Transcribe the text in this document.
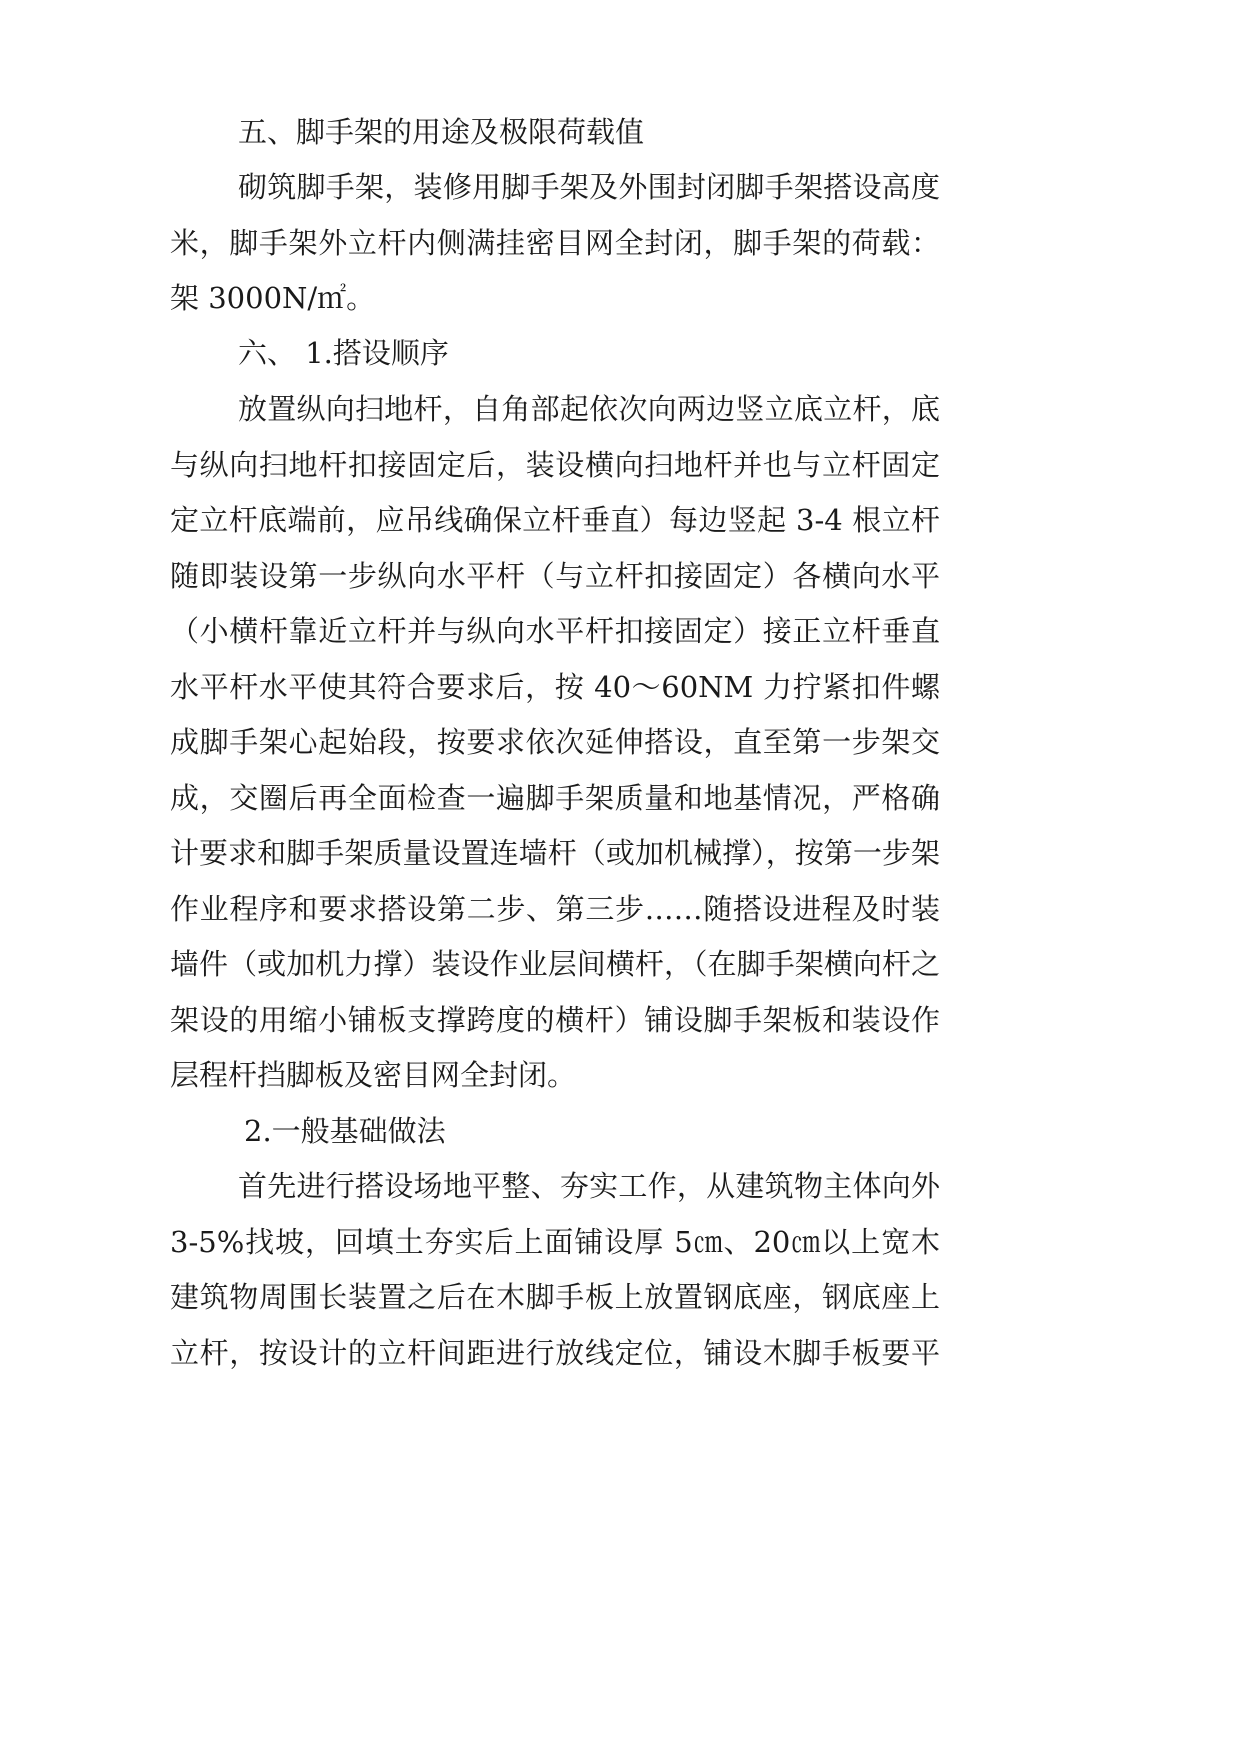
五、脚手架的用途及极限荷载值
砌筑脚手架，装修用脚手架及外围封闭脚手架搭设高度
米，脚手架外立杆内侧满挂密目网全封闭，脚手架的荷载：
架 3000N/㎡。
六、 1.搭设顺序
放置纵向扫地杆，自角部起依次向两边竖立底立杆，底
与纵向扫地杆扣接固定后，装设横向扫地杆并也与立杆固定
定立杆底端前，应吊线确保立杆垂直）每边竖起 3-4 根立杆
随即装设第一步纵向水平杆（与立杆扣接固定）各横向水平
（小横杆靠近立杆并与纵向水平杆扣接固定）接正立杆垂直
水平杆水平使其符合要求后，按 40～60NM 力拧紧扣件螺
成脚手架心起始段，按要求依次延伸搭设，直至第一步架交
成，交圈后再全面检查一遍脚手架质量和地基情况，严格确
计要求和脚手架质量设置连墙杆（或加机械撑），按第一步架
作业程序和要求搭设第二步、第三步……随搭设进程及时装
墙件（或加机力撑）装设作业层间横杆，（在脚手架横向杆之
架设的用缩小铺板支撑跨度的横杆）铺设脚手架板和装设作
层程杆挡脚板及密目网全封闭。
2.一般基础做法
首先进行搭设场地平整、夯实工作，从建筑物主体向外
3-5%找坡，回填土夯实后上面铺设厚 5㎝、20㎝以上宽木
建筑物周围长装置之后在木脚手板上放置钢底座，钢底座上
立杆，按设计的立杆间距进行放线定位，铺设木脚手板要平
